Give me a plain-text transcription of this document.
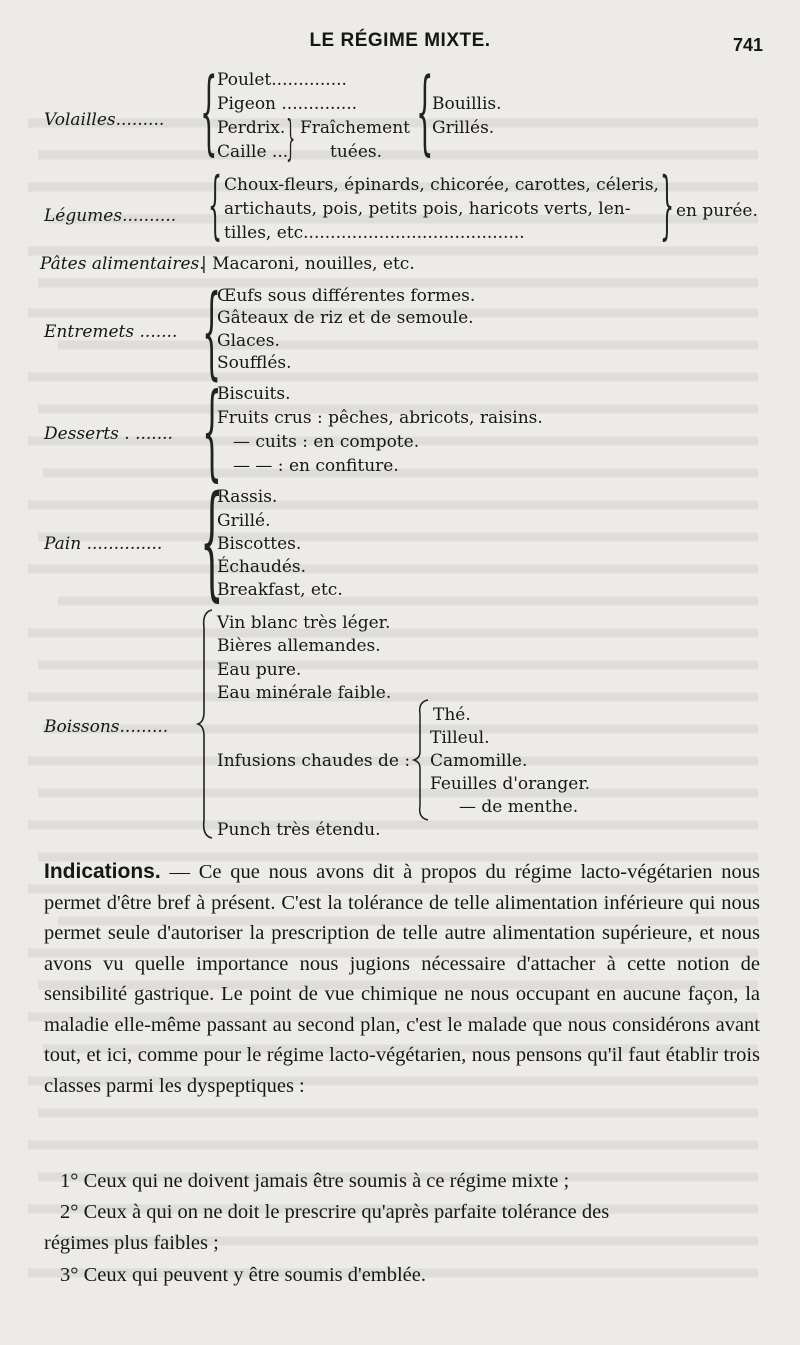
LE RÉGIME MIXTE.	741
Volailles......... { Poulet..............
Pigeon ..............
Perdrix.
Caille ...
} Fraîchement
tuées. {
Bouillis.
Grillés.
Légumes.......... { Choux-fleurs, épinards, chicorée, carottes, céleris,
artichauts, pois, petits pois, haricots verts, len-
tilles, etc......................................... } en purée.
Pâtes alimentaires.
| Macaroni, nouilles, etc.
Entremets ....... {
Œufs sous différentes formes.
Gâteaux de riz et de semoule.
Glaces.
Soufflés.
Desserts . ....... {
Biscuits.
Fruits crus : pêches, abricots, raisins.
— cuits : en compote.
— — : en confiture.
Pain .............. {
Rassis.
Grillé.
Biscottes.
Échaudés.
Breakfast, etc.
Boissons.........
Vin blanc très léger.
Bières allemandes.
Eau pure.
Eau minérale faible.
Infusions chaudes de :
Thé.
Tilleul.
Camomille.
Feuilles d'oranger.
— de menthe.
Punch très étendu.
Indications. — Ce que nous avons dit à propos du régime lacto-végétarien nous permet d'être bref à présent. C'est la tolérance de telle alimentation inférieure qui nous permet seule d'autoriser la prescription de telle autre alimentation supérieure, et nous avons vu quelle importance nous jugions nécessaire d'attacher à cette notion de sensibilité gastrique. Le point de vue chimique ne nous occupant en aucune façon, la maladie elle-même passant au second plan, c'est le malade que nous considérons avant tout, et ici, comme pour le régime lacto-végétarien, nous pensons qu'il faut établir trois classes parmi les dyspeptiques :
1° Ceux qui ne doivent jamais être soumis à ce régime mixte ;
2° Ceux à qui on ne doit le prescrire qu'après parfaite tolérance des
régimes plus faibles ;
3° Ceux qui peuvent y être soumis d'emblée.
